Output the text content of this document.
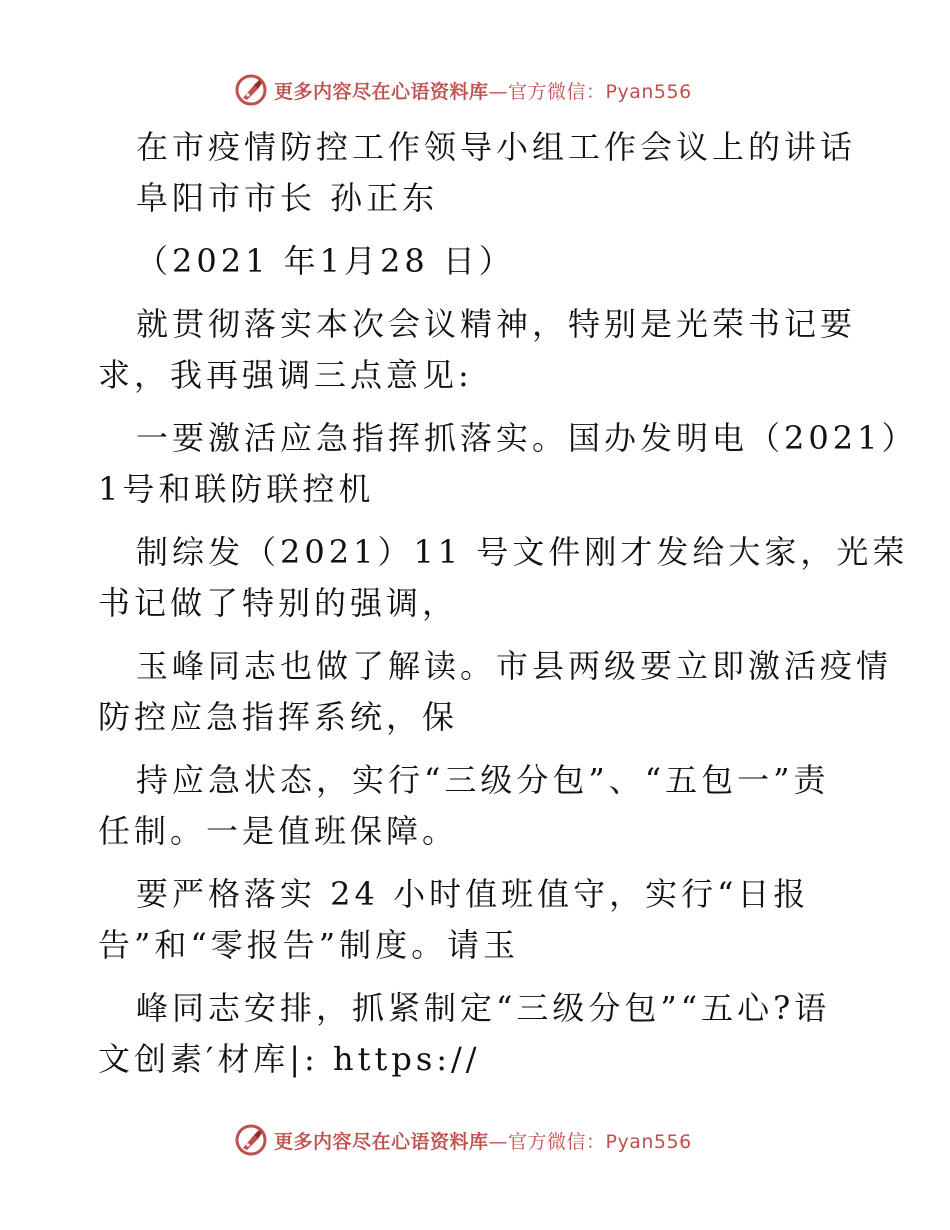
更多内容尽在心语资料库—官方微信：Pyan556

在市疫情防控工作领导小组工作会议上的讲话

阜阳市市长 孙正东

（2021 年1月28 日）

就贯彻落实本次会议精神，特别是光荣书记要

求，我再强调三点意见:

一要激活应急指挥抓落实。国办发明电（2021）

1号和联防联控机

制综发（2021）11 号文件刚才发给大家，光荣

书记做了特别的强调，

玉峰同志也做了解读。市县两级要立即激活疫情

防控应急指挥系统，保

持应急状态，实行“三级分包”、“五包一”责

任制。一是值班保障。

要严格落实 24 小时值班值守，实行“日报

告”和“零报告”制度。请玉

峰同志安排，抓紧制定“三级分包”“五心?语

文创素′材库|: https://

更多内容尽在心语资料库—官方微信：Pyan556
